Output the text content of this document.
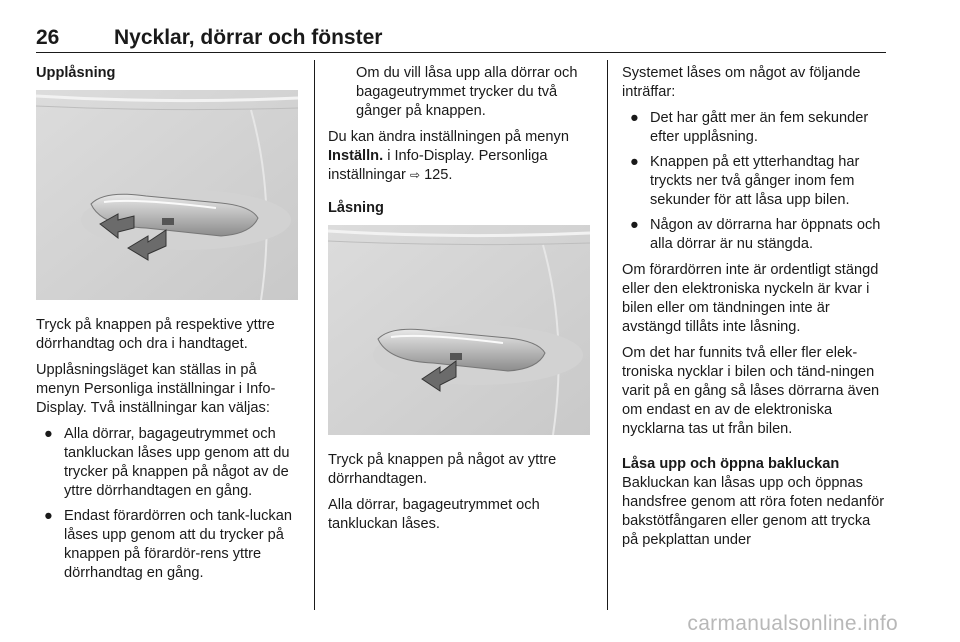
26	Nycklar, dörrar och fönster

Upplåsning

Tryck på knappen på respektive yttre dörrhandtag och dra i handtaget.

Upplåsningsläget kan ställas in på menyn Personliga inställningar i Info-Display. Två inställningar kan väljas:

● Alla dörrar, bagageutrymmet och tankluckan låses upp genom att du trycker på knappen på något av de yttre dörrhandtagen en gång.
● Endast förardörren och tank-luckan låses upp genom att du trycker på knappen på förardör-rens yttre dörrhandtag en gång.

Om du vill låsa upp alla dörrar och bagageutrymmet trycker du två gånger på knappen.

Du kan ändra inställningen på menyn Inställn. i Info-Display. Personliga inställningar ⇨ 125.

Låsning

Tryck på knappen på något av yttre dörrhandtagen.

Alla dörrar, bagageutrymmet och tankluckan låses.

Systemet låses om något av följande inträffar:

● Det har gått mer än fem sekunder efter upplåsning.
● Knappen på ett ytterhandtag har tryckts ner två gånger inom fem sekunder för att låsa upp bilen.
● Någon av dörrarna har öppnats och alla dörrar är nu stängda.

Om förardörren inte är ordentligt stängd eller den elektroniska nyckeln är kvar i bilen eller om tändningen inte är avstängd tillåts inte låsning.

Om det har funnits två eller fler elek-troniska nycklar i bilen och tänd-ningen varit på en gång så låses dörrarna även om endast en av de elektroniska nycklarna tas ut från bilen.

Låsa upp och öppna bakluckan

Bakluckan kan låsas upp och öppnas handsfree genom att röra foten nedanför bakstötfångaren eller genom att trycka på pekplattan under

carmanualsonline.info
